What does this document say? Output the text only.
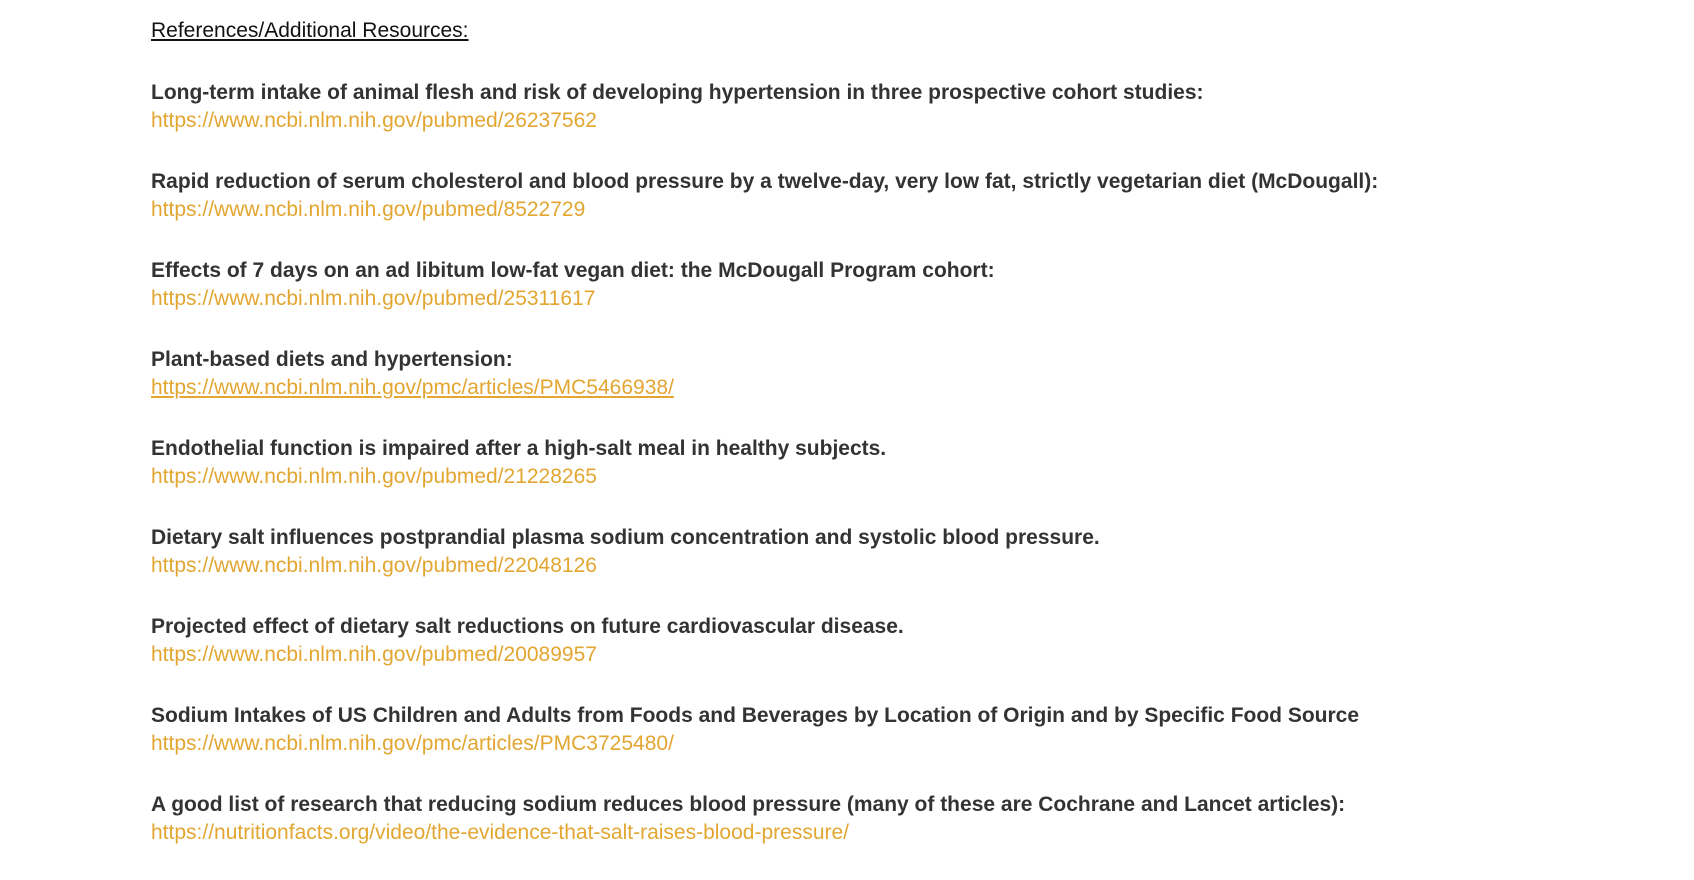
References/Additional Resources:
Long-term intake of animal flesh and risk of developing hypertension in three prospective cohort studies:
https://www.ncbi.nlm.nih.gov/pubmed/26237562
Rapid reduction of serum cholesterol and blood pressure by a twelve-day, very low fat, strictly vegetarian diet (McDougall):
https://www.ncbi.nlm.nih.gov/pubmed/8522729
Effects of 7 days on an ad libitum low-fat vegan diet: the McDougall Program cohort:
https://www.ncbi.nlm.nih.gov/pubmed/25311617
Plant-based diets and hypertension:
https://www.ncbi.nlm.nih.gov/pmc/articles/PMC5466938/
Endothelial function is impaired after a high-salt meal in healthy subjects.
https://www.ncbi.nlm.nih.gov/pubmed/21228265
Dietary salt influences postprandial plasma sodium concentration and systolic blood pressure.
https://www.ncbi.nlm.nih.gov/pubmed/22048126
Projected effect of dietary salt reductions on future cardiovascular disease.
https://www.ncbi.nlm.nih.gov/pubmed/20089957
Sodium Intakes of US Children and Adults from Foods and Beverages by Location of Origin and by Specific Food Source
https://www.ncbi.nlm.nih.gov/pmc/articles/PMC3725480/
A good list of research that reducing sodium reduces blood pressure (many of these are Cochrane and Lancet articles):
https://nutritionfacts.org/video/the-evidence-that-salt-raises-blood-pressure/
